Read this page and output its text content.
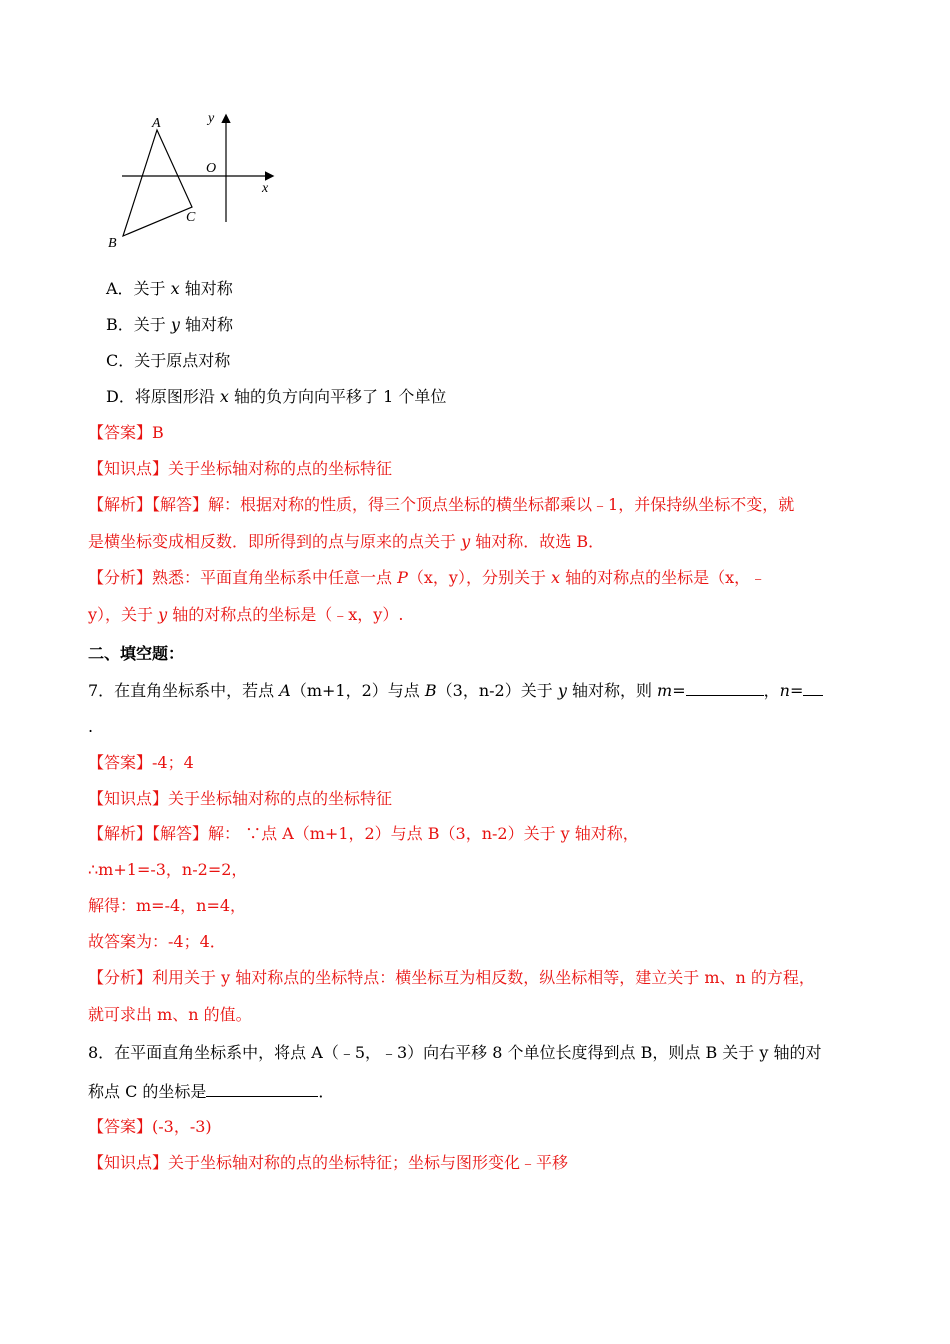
y
O
x
A
B
C
A．关于 x 轴对称
B．关于 y 轴对称
C．关于原点对称
D．将原图形沿 x 轴的负方向向平移了 1 个单位
【答案】B
【知识点】关于坐标轴对称的点的坐标特征
【解析】【解答】解：根据对称的性质，得三个顶点坐标的横坐标都乘以﹣1，并保持纵坐标不变，就
是横坐标变成相反数．即所得到的点与原来的点关于 y 轴对称．故选 B．
【分析】熟悉：平面直角坐标系中任意一点 P（x，y），分别关于 x 轴的对称点的坐标是（x，﹣
y），关于 y 轴的对称点的坐标是（﹣x，y）.
二、填空题：
7．在直角坐标系中，若点 A（m+1，2）与点 B（3，n-2）关于 y 轴对称，则 m=	，n=
.
【答案】-4；4
【知识点】关于坐标轴对称的点的坐标特征
【解析】【解答】解： ∵点 A（m+1，2）与点 B（3，n-2）关于 y 轴对称，
∴m+1=-3，n-2=2，
解得：m=-4，n=4，
故答案为：-4；4．
【分析】利用关于 y 轴对称点的坐标特点：横坐标互为相反数，纵坐标相等，建立关于 m、n 的方程，
就可求出 m、n 的值。
8．在平面直角坐标系中，将点 A（﹣5，﹣3）向右平移 8 个单位长度得到点 B，则点 B 关于 y 轴的对
称点 C 的坐标是	．
【答案】(-3，-3)
【知识点】关于坐标轴对称的点的坐标特征；坐标与图形变化﹣平移
